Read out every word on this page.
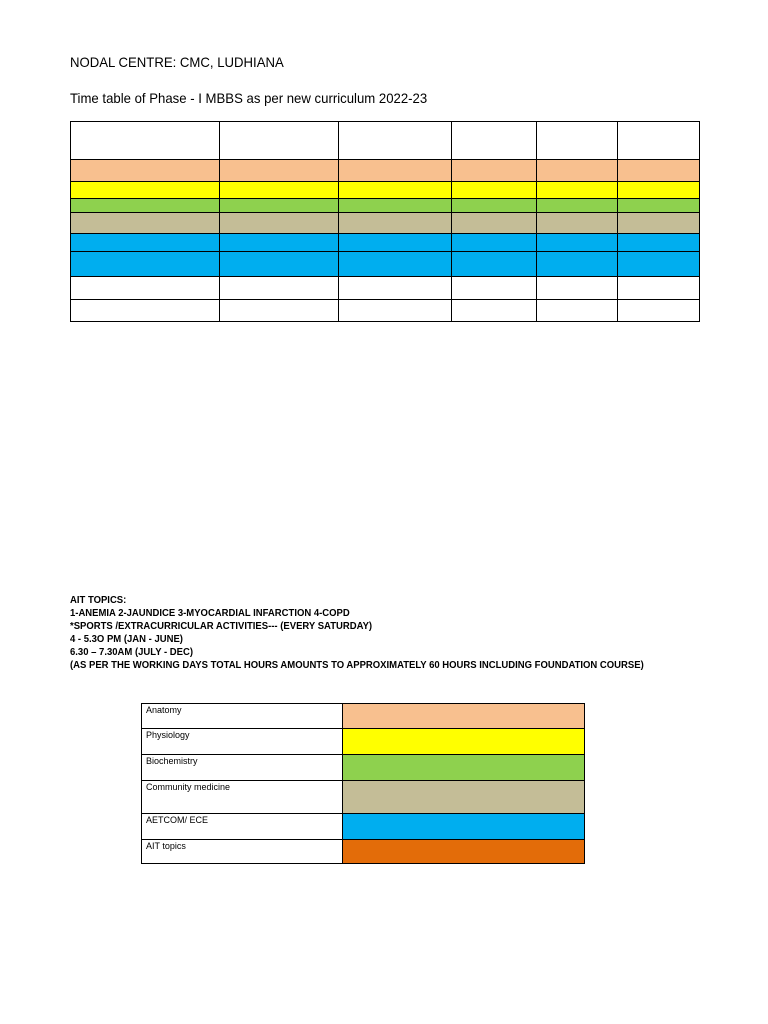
NODAL CENTRE: CMC, LUDHIANA
Time table of Phase - I MBBS as per new curriculum 2022-23

AIT TOPICS:
1-ANEMIA 2-JAUNDICE 3-MYOCARDIAL INFARCTION 4-COPD
*SPORTS /EXTRACURRICULAR ACTIVITIES--- (EVERY SATURDAY)
4 - 5.3O PM (JAN - JUNE)
6.30 – 7.30AM (JULY - DEC)
(AS PER THE WORKING DAYS TOTAL HOURS AMOUNTS TO APPROXIMATELY 60 HOURS INCLUDING FOUNDATION COURSE)
Anatomy	
Physiology	
Biochemistry	
Community medicine	
AETCOM/ ECE	
AIT topics	
